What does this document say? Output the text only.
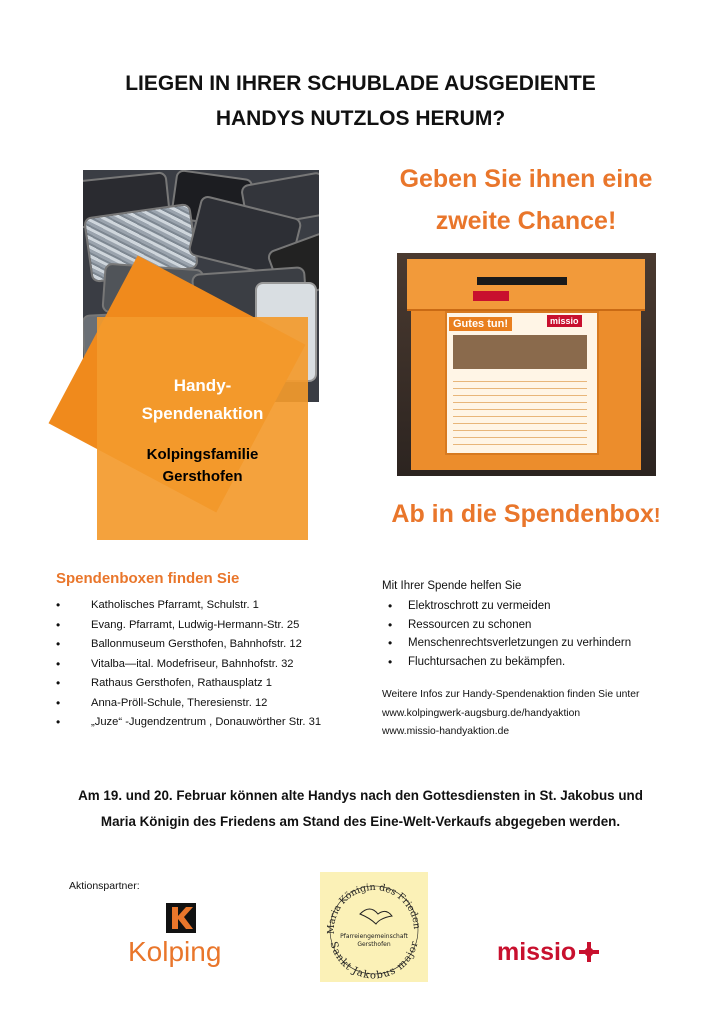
LIEGEN IN IHRER SCHUBLADE AUSGEDIENTE
HANDYS NUTZLOS HERUM?
Handy-
Spendenaktion
Kolpingsfamilie
Gersthofen
Geben Sie ihnen eine
zweite Chance!
Gutes tun!	missio
Ab in die Spendenbox!
Spendenboxen finden Sie
• Katholisches Pfarramt, Schulstr. 1
• Evang. Pfarramt, Ludwig-Hermann-Str. 25
• Ballonmuseum Gersthofen, Bahnhofstr. 12
• Vitalba—ital. Modefriseur, Bahnhofstr. 32
• Rathaus Gersthofen, Rathausplatz 1
• Anna-Pröll-Schule, Theresienstr. 12
• „Juze“ -Jugendzentrum , Donauwörther Str. 31
Mit Ihrer Spende helfen Sie
• Elektroschrott zu vermeiden
• Ressourcen zu schonen
• Menschenrechtsverletzungen zu verhindern
• Fluchtursachen zu bekämpfen.
Weitere Infos zur Handy-Spendenaktion finden Sie unter
www.kolpingwerk-augsburg.de/handyaktion
www.missio-handyaktion.de
Am 19. und 20. Februar können alte Handys nach den Gottesdiensten in St. Jakobus und
Maria Königin des Friedens am Stand des Eine-Welt-Verkaufs abgegeben werden.
Aktionspartner:
Kolping
Maria Königin des Frieden
Sankt Jakobus major
Pfarreiengemeinschaft
Gersthofen	missio
